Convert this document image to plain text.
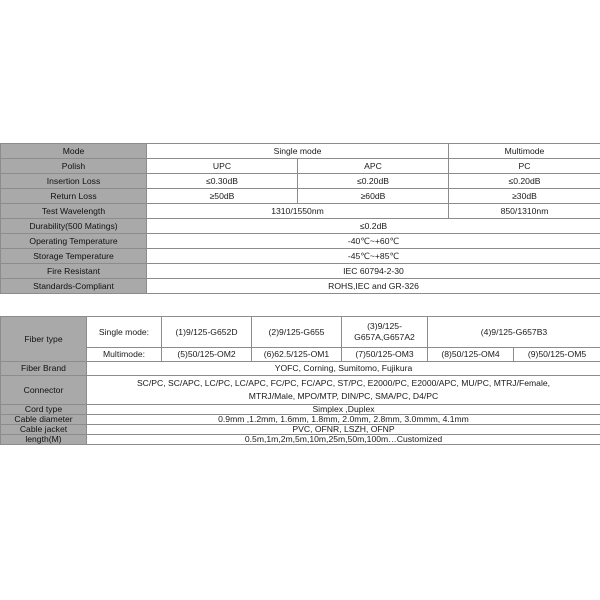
Mode	Single mode		Multimode
Polish	UPC	APC	PC
Insertion Loss	≤0.30dB	≤0.20dB	≤0.20dB
Return Loss	≥50dB	≥60dB	≥30dB
Test Wavelength	1310/1550nm		850/1310nm
Durability(500 Matings)	≤0.2dB		
Operating Temperature	-40℃~+60℃		
Storage Temperature	-45℃~+85℃		
Fire Resistant	IEC 60794-2-30		
Standards-Compliant	ROHS,IEC and GR-326		
Fiber type	Single mode:	(1)9/125-G652D	(2)9/125-G655	(3)9/125-G657A,G657A2	(4)9/125-G657B3	
	Multimode:	(5)50/125-OM2	(6)62.5/125-OM1	(7)50/125-OM3	(8)50/125-OM4	(9)50/125-OM5
Fiber Brand	YOFC, Corning, Sumitomo, Fujikura					
Connector	SC/PC, SC/APC, LC/PC, LC/APC, FC/PC, FC/APC, ST/PC, E2000/PC, E2000/APC, MU/PC, MTRJ/Female,
MTRJ/Male, MPO/MTP, DIN/PC, SMA/PC, D4/PC					

Cord type	Simplex ,Duplex					
Cable diameter	0.9mm ,1.2mm, 1.6mm, 1.8mm, 2.0mm, 2.8mm, 3.0mmm, 4.1mm					
Cable jacket	PVC, OFNR, LSZH, OFNP					
length(M)	0.5m,1m,2m,5m,10m,25m,50m,100m…Customized					
